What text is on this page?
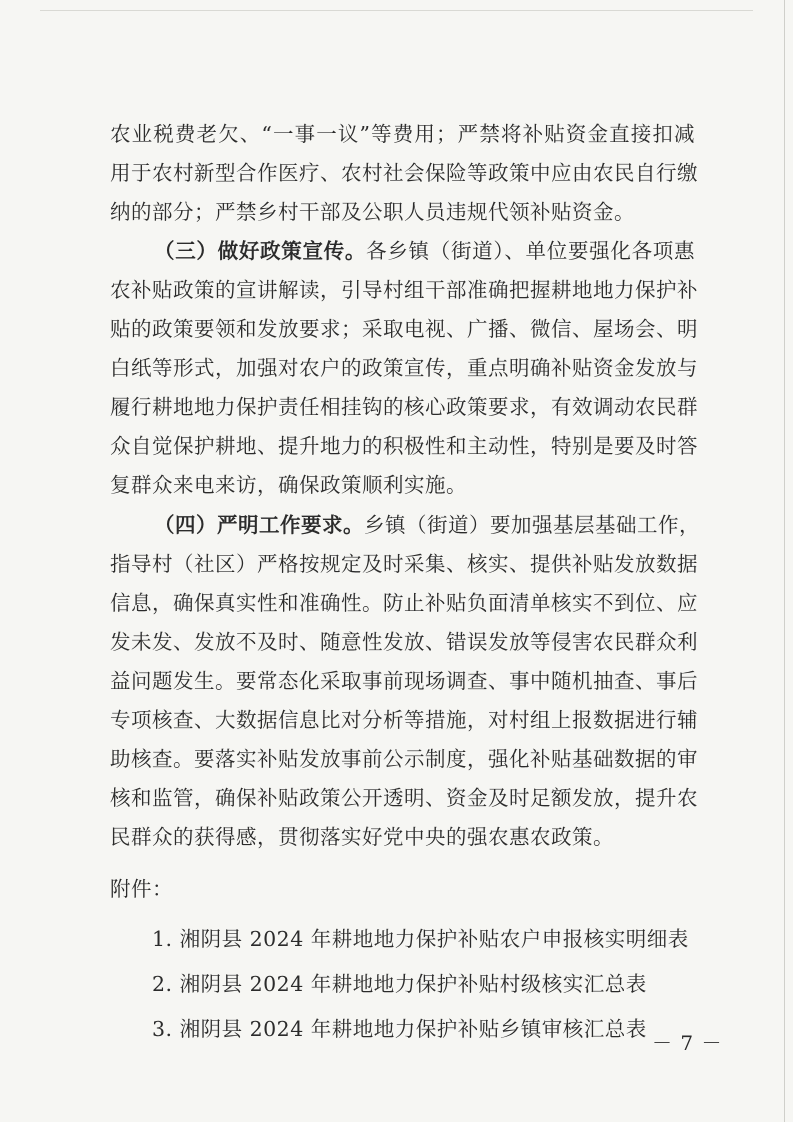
农业税费老欠、“一事一议”等费用；严禁将补贴资金直接扣减
用于农村新型合作医疗、农村社会保险等政策中应由农民自行缴
纳的部分；严禁乡村干部及公职人员违规代领补贴资金。

（三）做好政策宣传。各乡镇（街道）、单位要强化各项惠
农补贴政策的宣讲解读，引导村组干部准确把握耕地地力保护补
贴的政策要领和发放要求；采取电视、广播、微信、屋场会、明
白纸等形式，加强对农户的政策宣传，重点明确补贴资金发放与
履行耕地地力保护责任相挂钩的核心政策要求，有效调动农民群
众自觉保护耕地、提升地力的积极性和主动性，特别是要及时答
复群众来电来访，确保政策顺利实施。

（四）严明工作要求。乡镇（街道）要加强基层基础工作，
指导村（社区）严格按规定及时采集、核实、提供补贴发放数据
信息，确保真实性和准确性。防止补贴负面清单核实不到位、应
发未发、发放不及时、随意性发放、错误发放等侵害农民群众利
益问题发生。要常态化采取事前现场调查、事中随机抽查、事后
专项核查、大数据信息比对分析等措施，对村组上报数据进行辅
助核查。要落实补贴发放事前公示制度，强化补贴基础数据的审
核和监管，确保补贴政策公开透明、资金及时足额发放，提升农
民群众的获得感，贯彻落实好党中央的强农惠农政策。

附件：
1. 湘阴县 2024 年耕地地力保护补贴农户申报核实明细表
2. 湘阴县 2024 年耕地地力保护补贴村级核实汇总表
3. 湘阴县 2024 年耕地地力保护补贴乡镇审核汇总表
－ 7 －
